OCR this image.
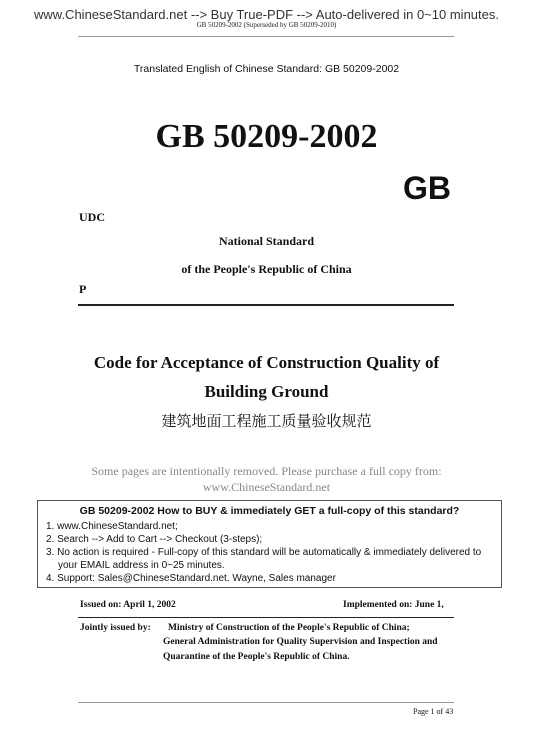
www.ChineseStandard.net --> Buy True-PDF --> Auto-delivered in 0~10 minutes.
GB 50209-2002 (Superseded by GB 50209-2010)
Translated English of Chinese Standard: GB 50209-2002
GB 50209-2002
GB
UDC
National Standard
of the People's Republic of China
P
Code for Acceptance of Construction Quality of
Building Ground
建筑地面工程施工质量验收规范
Some pages are intentionally removed. Please purchase a full copy from:
www.ChineseStandard.net
GB 50209-2002 How to BUY & immediately GET a full-copy of this standard?
1. www.ChineseStandard.net;
2. Search --> Add to Cart --> Checkout (3-steps);
3. No action is required - Full-copy of this standard will be automatically & immediately delivered to
your EMAIL address in 0~25 minutes.
4. Support: Sales@ChineseStandard.net. Wayne, Sales manager
Issued on: April 1, 2002	Implemented on: June 1,
Jointly issued by: Ministry of Construction of the People's Republic of China;
General Administration for Quality Supervision and Inspection and
Quarantine of the People's Republic of China.
Page 1 of 43
